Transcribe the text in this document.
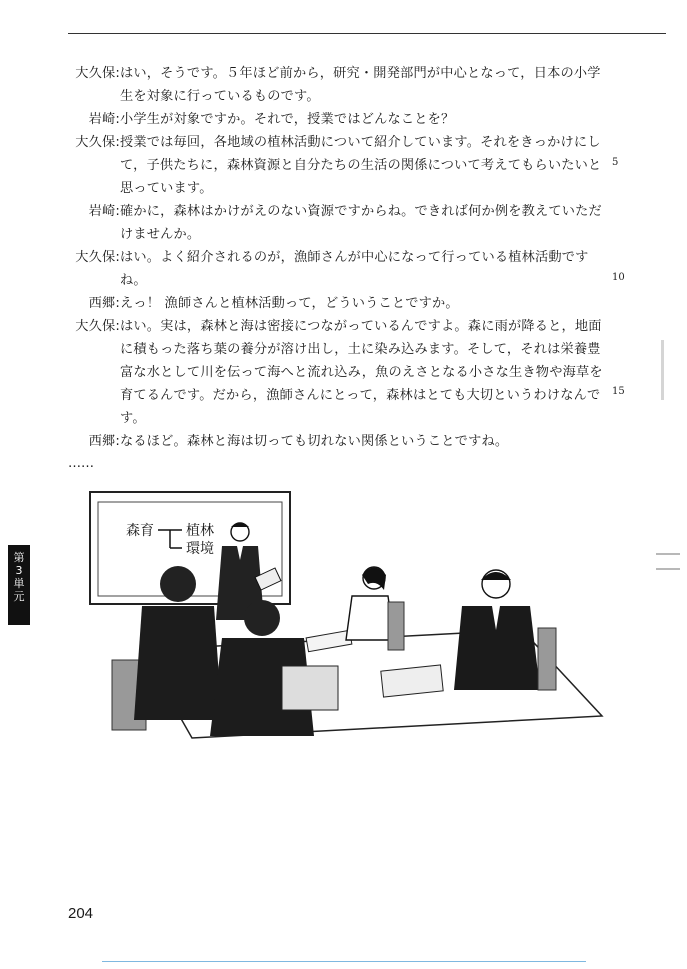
大久保: はい，そうです。５年ほど前から，研究・開発部門が中心となって，日本の小学生を対象に行っているものです。
岩崎: 小学生が対象ですか。それで，授業ではどんなことを？
大久保: 授業では毎回，各地域の植林活動について紹介しています。それをきっかけにして，子供たちに，森林資源と自分たちの生活の関係について考えてもらいたいと思っています。
岩崎: 確かに，森林はかけがえのない資源ですからね。できれば何か例を教えていただけませんか。
大久保: はい。よく紹介されるのが，漁師さんが中心になって行っている植林活動ですね。
西郷: えっ！ 漁師さんと植林活動って，どういうことですか。
大久保: はい。実は，森林と海は密接につながっているんですよ。森に雨が降ると，地面に積もった落ち葉の養分が溶け出し，土に染み込みます。そして，それは栄養豊富な水として川を伝って海へと流れ込み，魚のえさとなる小さな生き物や海草を育てるんです。だから，漁師さんにとって，森林はとても大切というわけなんです。
西郷: なるほど。森林と海は切っても切れない関係ということですね。
……
5
10
15
第
3
単
元
森育 植林
環境
204
